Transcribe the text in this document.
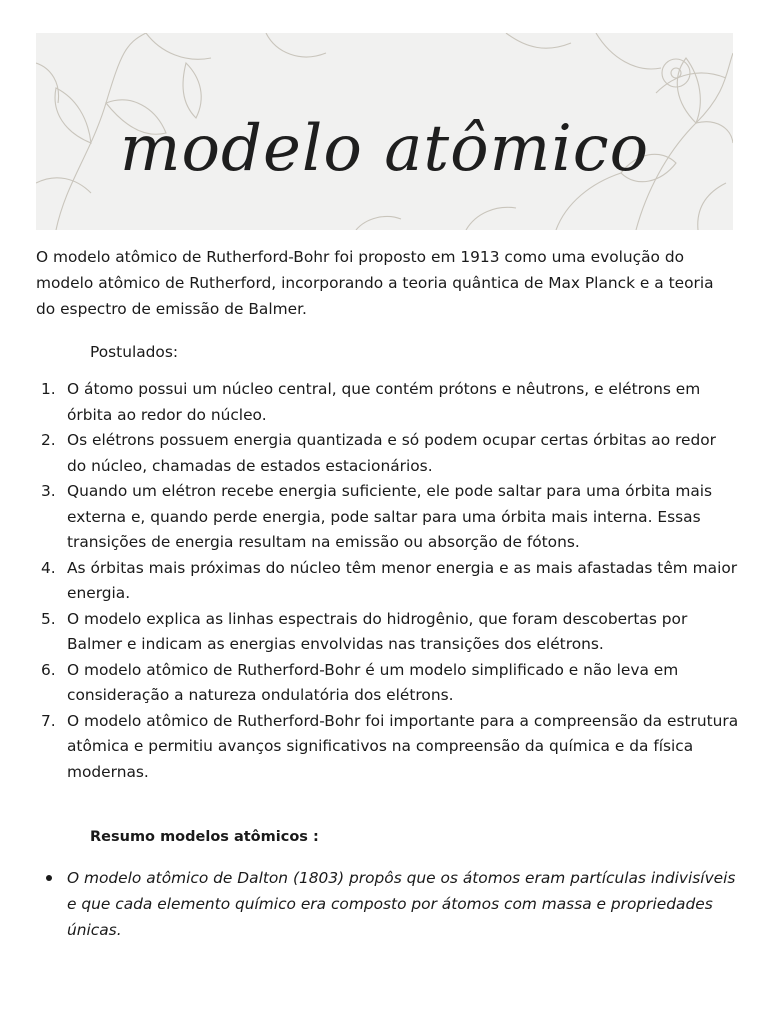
modelo atômico

O modelo atômico de Rutherford-Bohr foi proposto em 1913 como uma evolução do modelo atômico de Rutherford, incorporando a teoria quântica de Max Planck e a teoria do espectro de emissão de Balmer.

Postulados:
1. O átomo possui um núcleo central, que contém prótons e nêutrons, e elétrons em órbita ao redor do núcleo.
2. Os elétrons possuem energia quantizada e só podem ocupar certas órbitas ao redor do núcleo, chamadas de estados estacionários.
3. Quando um elétron recebe energia suficiente, ele pode saltar para uma órbita mais externa e, quando perde energia, pode saltar para uma órbita mais interna. Essas transições de energia resultam na emissão ou absorção de fótons.
4. As órbitas mais próximas do núcleo têm menor energia e as mais afastadas têm maior energia.
5. O modelo explica as linhas espectrais do hidrogênio, que foram descobertas por Balmer e indicam as energias envolvidas nas transições dos elétrons.
6. O modelo atômico de Rutherford-Bohr é um modelo simplificado e não leva em consideração a natureza ondulatória dos elétrons.
7. O modelo atômico de Rutherford-Bohr foi importante para a compreensão da estrutura atômica e permitiu avanços significativos na compreensão da química e da física modernas.
Resumo modelos atômicos :
O modelo atômico de Dalton (1803) propôs que os átomos eram partículas indivisíveis e que cada elemento químico era composto por átomos com massa e propriedades únicas.
